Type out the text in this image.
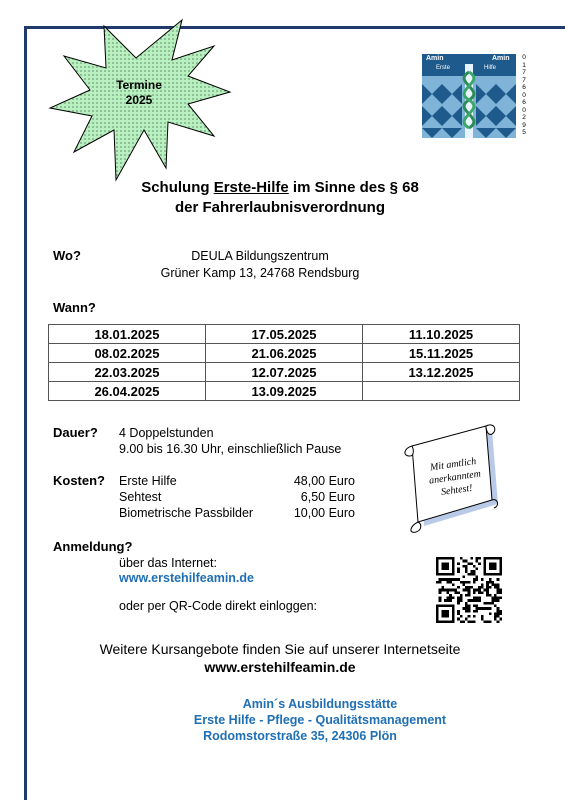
Termine
2025
Amin	Amin
Erste	Hilfe
0
1
7
7
6
0
6
0
2
9
5
Schulung Erste-Hilfe im Sinne des § 68
der Fahrerlaubnisverordnung
Wo?	DEULA Bildungszentrum
Grüner Kamp 13, 24768 Rendsburg
Wann?
18.01.2025	17.05.2025	11.10.2025
08.02.2025	21.06.2025	15.11.2025
22.03.2025	12.07.2025	13.12.2025
26.04.2025	13.09.2025	
Dauer? 4 Doppelstunden
9.00 bis 16.30 Uhr, einschließlich Pause
Kosten? Erste Hilfe	48,00 Euro
Sehtest	6,50 Euro
Biometrische Passbilder	10,00 Euro
Mit amtlich
anerkanntem
Sehtest!
Anmeldung?
über das Internet:
www.erstehilfeamin.de
oder per QR-Code direkt einloggen:
Weitere Kursangebote finden Sie auf unserer Internetseite
www.erstehilfeamin.de
Amin´s Ausbildungsstätte
Erste Hilfe - Pflege - Qualitätsmanagement
Rodomstorstraße 35, 24306 Plön
